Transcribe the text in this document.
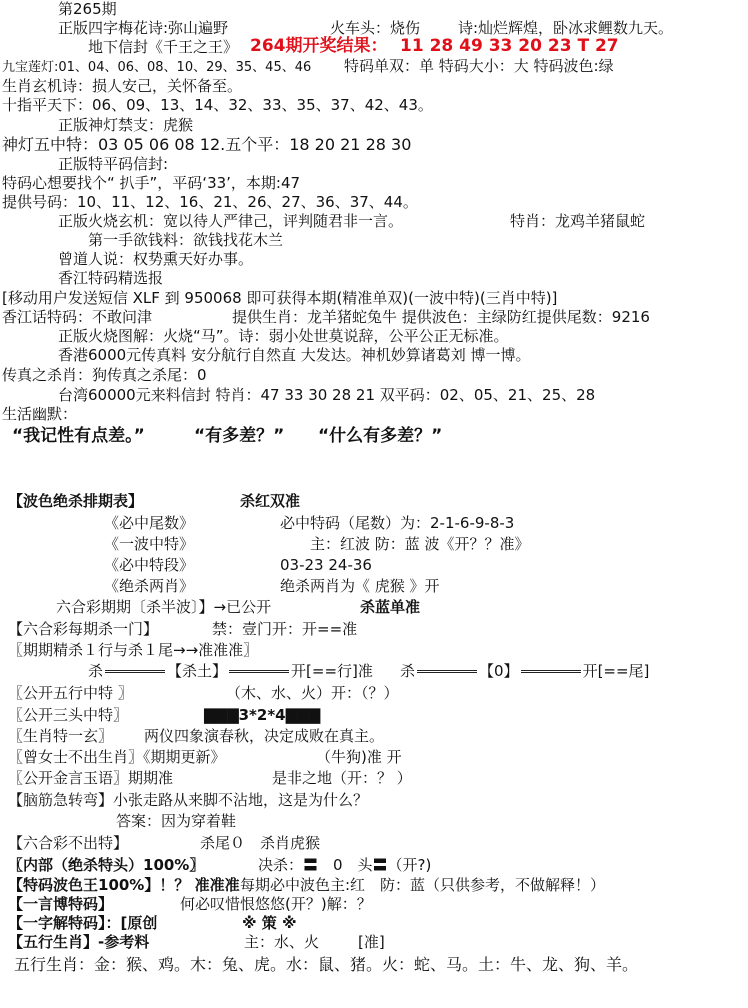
第265期
正版四字梅花诗:弥山遍野	火车头：烧伤	诗:灿烂辉煌，卧冰求鲤数九天。
地下信封《千王之王》 264期开奖结果： 11 28 49 33 20 23 T 27
九宝莲灯:01、04、06、08、10、29、35、45、46 特码单双：单 特码大小：大 特码波色:绿
生肖玄机诗：损人安己，关怀备至。
十指平天下：06、09、13、14、32、33、35、37、42、43。
正版神灯禁支：虎猴
神灯五中特：03 05 06 08 12.五个平：18 20 21 28 30
正版特平码信封:
特码心想要找个“ 扒手”，平码‘33’，本期:47
提供号码：10、11、12、16、21、26、27、36、37、44。
正版火烧玄机：宽以待人严律己，评判随君非一言。	特肖：龙鸡羊猪鼠蛇
第一手欲钱料：欲钱找花木兰
曾道人说：权势熏天好办事。
香江特码精选报
[移动用户发送短信 XLF 到 950068 即可获得本期(精准单双)(一波中特)(三肖中特)]
香江话特码：不敢问津	提供生肖：龙羊猪蛇兔牛 提供波色：主绿防红提供尾数：9216
正版火烧图解：火烧“马”。诗：弱小处世莫说辞，公平公正无标准。
香港6000元传真料 安分航行自然直 大发达。神机妙算诸葛刘 博一博。
传真之杀肖：狗传真之杀尾：0
台湾60000元来料信封 特肖：47 33 30 28 21 双平码：02、05、21、25、28
生活幽默：
“我记性有点差。”	“有多差？” “什么有多差？”
【波色绝杀排期表】	杀红双准
《必中尾数》	必中特码（尾数）为：2-1-6-9-8-3
《一波中特》	主：红波 防：蓝 波《开？？准》
《必中特段》	03-23 24-36
《绝杀两肖》	绝杀两肖为《 虎猴 》开
六合彩期期〔杀半波〕】→已公开	杀蓝单准
【六合彩每期杀一门】	禁：壹门开：开==准
〖期期精杀１行与杀１尾→→准准准〗
杀	【杀土】	开[==行]准 杀	【0】	开[==尾]
〖公开五行中特 〗	（木、水、火）开：（？）
〖公开三头中特〗	▇▇▇3*2*4▇▇▇
〖生肖特一玄〗 两仪四象演春秋，决定成败在真主。
〖曾女士不出生肖〗《期期更新》	（牛狗)准 开
〖公开金言玉语〗期期准	是非之地（开：？ ）
【脑筋急转弯】小张走路从来脚不沾地，这是为什么？
答案：因为穿着鞋
【六合彩不出特】	杀尾０　杀肖虎猴
〖内部（绝杀特头）100%〗	决杀：〓　0　头〓（开?)
【特码波色王100%】！？ 准准准 每期必中波色主:红　防：蓝（只供参考，不做解释！）
【一言博特码】	何必叹惜恨悠悠(开？)解：？
【一字解特码】：[原创	※ 策 ※
【五行生肖】-参考料	主：水、火	[准]
五行生肖：金：猴、鸡。木：兔、虎。水：鼠、猪。火：蛇、马。土：牛、龙、狗、羊。
